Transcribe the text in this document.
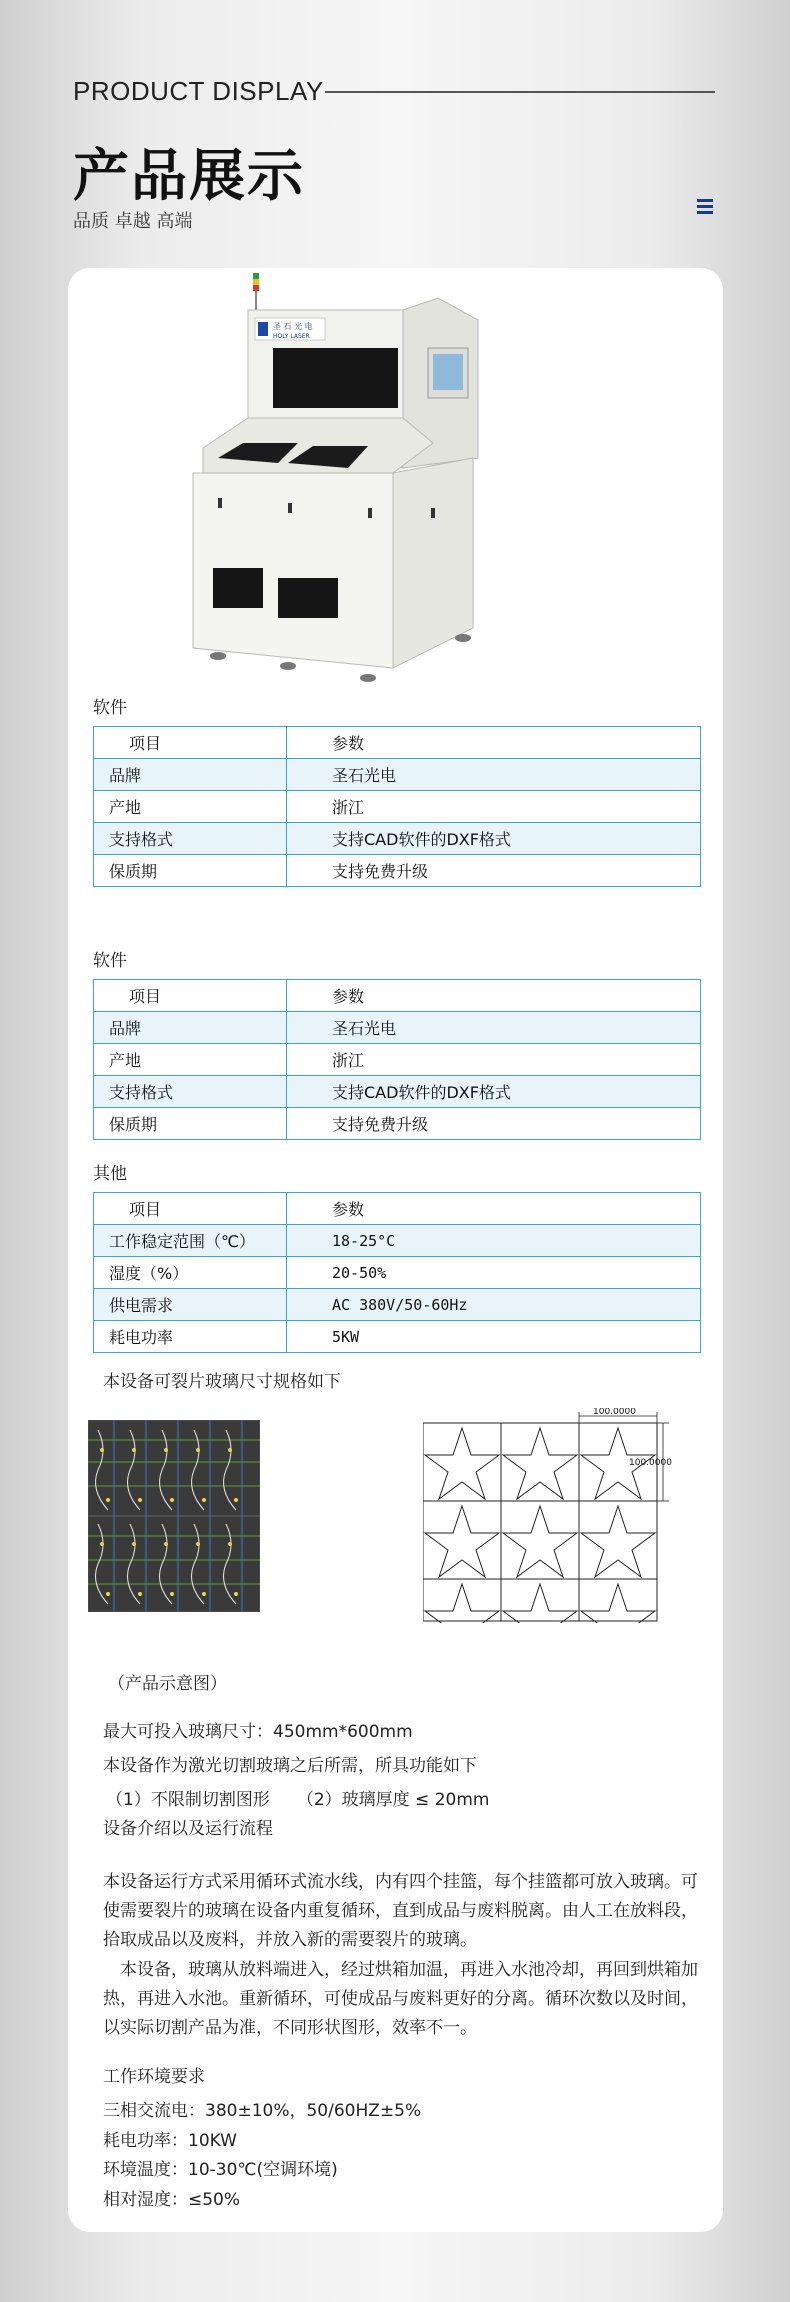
PRODUCT DISPLAY
产品展示
品质 卓越 高端
圣 石 光 电
HOLY LASER
软件
项目	参数
品牌	圣石光电
产地	浙江
支持格式	支持CAD软件的DXF格式
保质期	支持免费升级
软件
项目	参数
品牌	圣石光电
产地	浙江
支持格式	支持CAD软件的DXF格式
保质期	支持免费升级
其他
项目	参数
工作稳定范围（℃）	18-25°C
湿度（%）	20-50%
供电需求	AC 380V/50-60Hz
耗电功率	5KW
本设备可裂片玻璃尺寸规格如下
100.0000
100.0000
（产品示意图）
最大可投入玻璃尺寸：450mm*600mm
本设备作为激光切割玻璃之后所需，所具功能如下
（1）不限制切割图形     （2）玻璃厚度 ≤ 20mm
设备介绍以及运行流程
本设备运行方式采用循环式流水线，内有四个挂篮，每个挂篮都可放入玻璃。可使需要裂片的玻璃在设备内重复循环，直到成品与废料脱离。由人工在放料段，拾取成品以及废料，并放入新的需要裂片的玻璃。
　本设备，玻璃从放料端进入，经过烘箱加温，再进入水池冷却，再回到烘箱加热，再进入水池。重新循环，可使成品与废料更好的分离。循环次数以及时间，以实际切割产品为准，不同形状图形，效率不一。
工作环境要求
三相交流电：380±10%，50/60HZ±5%
耗电功率：10KW
环境温度：10-30℃(空调环境)
相对湿度：≤50%
